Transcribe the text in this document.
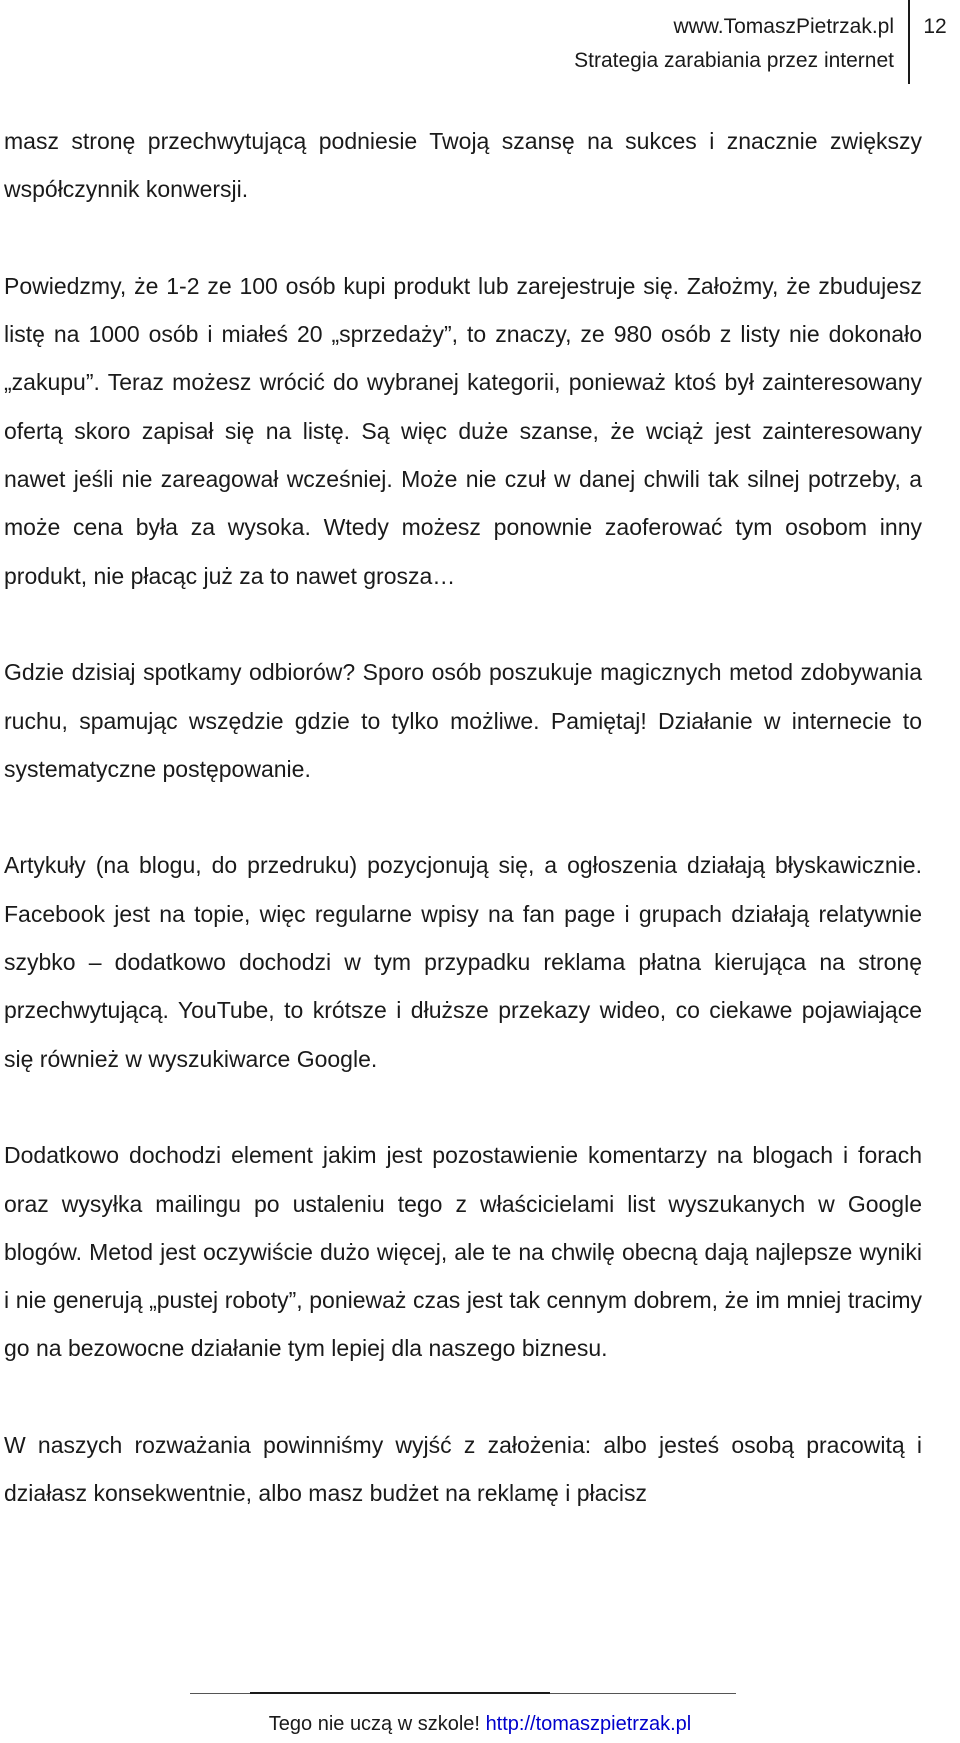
www.TomaszPietrzak.pl
Strategia zarabiania przez internet
12

masz stronę przechwytującą podniesie Twoją szansę na sukces i znacznie zwiększy współczynnik konwersji.

Powiedzmy, że 1-2 ze 100 osób kupi produkt lub zarejestruje się. Założmy, że zbudujesz listę na 1000 osób i miałeś 20 „sprzedaży”, to znaczy, ze 980 osób z listy nie dokonało „zakupu”. Teraz możesz wrócić do wybranej kategorii, ponieważ ktoś był zainteresowany ofertą skoro zapisał się na listę. Są więc duże szanse, że wciąż jest zainteresowany nawet jeśli nie zareagował wcześniej. Może nie czuł w danej chwili tak silnej potrzeby, a może cena była za wysoka. Wtedy możesz ponownie zaoferować tym osobom inny produkt, nie płacąc już za to nawet grosza…

Gdzie dzisiaj spotkamy odbiorów? Sporo osób poszukuje magicznych metod zdobywania ruchu, spamując wszędzie gdzie to tylko możliwe. Pamiętaj! Działanie w internecie to systematyczne postępowanie.

Artykuły (na blogu, do przedruku) pozycjonują się, a ogłoszenia działają błyskawicznie. Facebook jest na topie, więc regularne wpisy na fan page i grupach działają relatywnie szybko – dodatkowo dochodzi w tym przypadku reklama płatna kierująca na stronę przechwytującą. YouTube, to krótsze i dłuższe przekazy wideo, co ciekawe pojawiające się również w wyszukiwarce Google.

Dodatkowo dochodzi element jakim jest pozostawienie komentarzy na blogach i forach oraz wysyłka mailingu po ustaleniu tego z właścicielami list wyszukanych w Google blogów. Metod jest oczywiście dużo więcej, ale te na chwilę obecną dają najlepsze wyniki i nie generują „pustej roboty”, ponieważ czas jest tak cennym dobrem, że im mniej tracimy go na bezowocne działanie tym lepiej dla naszego biznesu.

W naszych rozważania powinniśmy wyjść z założenia: albo jesteś osobą pracowitą i działasz konsekwentnie, albo masz budżet na reklamę i płacisz

Tego nie uczą w szkole! http://tomaszpietrzak.pl
